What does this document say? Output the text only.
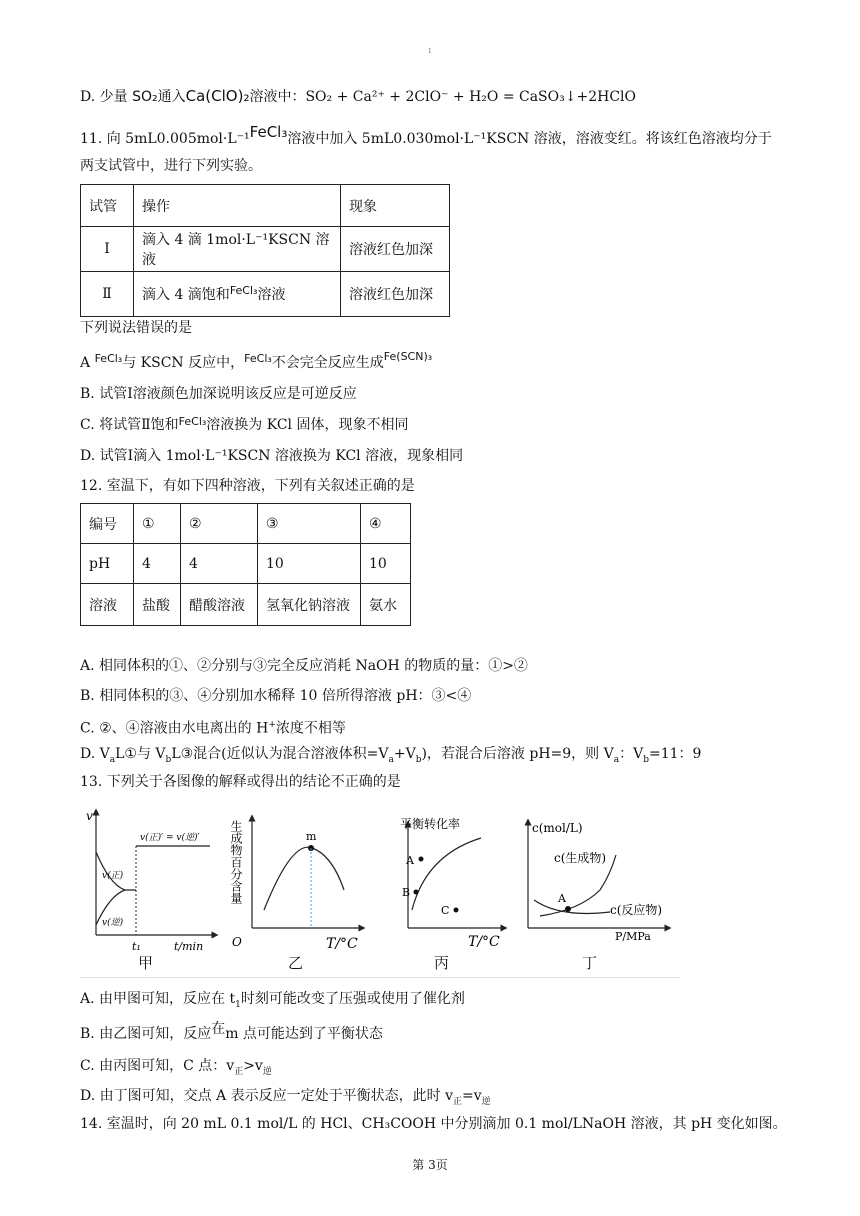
1
D. 少量 SO₂通入Ca(ClO)₂溶液中：SO₂ + Ca²⁺ + 2ClO⁻ + H₂O = CaSO₃↓+2HClO
11. 向 5mL0.005mol·L⁻¹FeCl₃溶液中加入 5mL0.030mol·L⁻¹KSCN 溶液，溶液变红。将该红色溶液均分于
两支试管中，进行下列实验。
试管	操作	现象
Ⅰ	滴入 4 滴 1mol·L⁻¹KSCN 溶液	溶液红色加深
Ⅱ	滴入 4 滴饱和$^{FeCl_3}$溶液	溶液红色加深
下列说法错误的是
A $^{FeCl_3}$与 KSCN 反应中，$^{FeCl_3}$不会完全反应生成$^{Fe(SCN)_3}$
B. 试管Ⅰ溶液颜色加深说明该反应是可逆反应
C. 将试管Ⅱ饱和$^{FeCl_3}$溶液换为 KCl 固体，现象不相同
D. 试管Ⅰ滴入 1mol·L⁻¹KSCN 溶液换为 KCl 溶液，现象相同
12. 室温下，有如下四种溶液，下列有关叙述正确的是
编号	①	②	③	④
pH	4	4	10	10
溶液	盐酸	醋酸溶液	氢氧化钠溶液	氨水
A. 相同体积的①、②分别与③完全反应消耗 NaOH 的物质的量：①>②
B. 相同体积的③、④分别加水稀释 10 倍所得溶液 pH：③<④
C. ②、④溶液由水电离出的 H+浓度不相等
D. $V_aL①$与 $V_bL③$混合(近似认为混合溶液体积$=V_a+V_b$)，若混合后溶液 pH=9，则 $V_a$：$V_b=11$：9
13. 下列关于各图像的解释或得出的结论不正确的是
v
v(正)′ = v(逆)′
v(正)
v(逆)
t₁	t/min
甲
生成物百分含量	m
O	T/°C
乙
平衡转化率
A
B
C
T/°C
丙
c(mol/L)
A
c(生成物)
c(反应物)
P/MPa
丁
A. 由甲图可知，反应在 $t_1$时刻可能改变了压强或使用了催化剂
B. 由乙图可知，反应在m 点可能达到了平衡状态
C. 由丙图可知，C 点：$v_正>v_逆$
D. 由丁图可知，交点 A 表示反应一定处于平衡状态，此时 $v_正=v_逆$
14. 室温时，向 20 mL 0.1 mol/L 的 HCl、CH₃COOH 中分别滴加 0.1 mol/LNaOH 溶液，其 pH 变化如图。
第 3页
